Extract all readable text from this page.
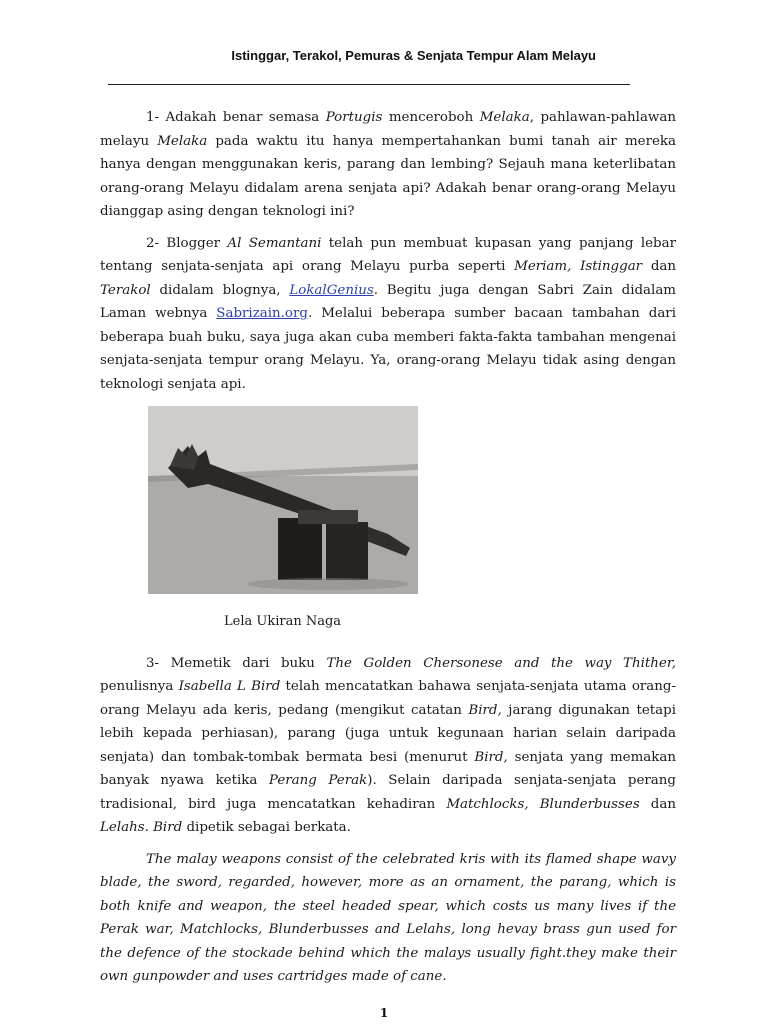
Istinggar, Terakol, Pemuras & Senjata Tempur Alam Melayu

1- Adakah benar semasa Portugis menceroboh Melaka, pahlawan-pahlawan melayu Melaka pada waktu itu hanya mempertahankan bumi tanah air mereka hanya dengan menggunakan keris, parang dan lembing? Sejauh mana keterlibatan orang-orang Melayu didalam arena senjata api? Adakah benar orang-orang Melayu dianggap asing dengan teknologi ini?

2- Blogger Al Semantani telah pun membuat kupasan yang panjang lebar tentang senjata-senjata api orang Melayu purba seperti Meriam, Istinggar dan Terakol didalam blognya, LokalGenius. Begitu juga dengan Sabri Zain didalam Laman webnya Sabrizain.org. Melalui beberapa sumber bacaan tambahan dari beberapa buah buku, saya juga akan cuba memberi fakta-fakta tambahan mengenai senjata-senjata tempur orang Melayu. Ya, orang-orang Melayu tidak asing dengan teknologi senjata api.

Lela Ukiran Naga

3- Memetik dari buku The Golden Chersonese and the way Thither, penulisnya Isabella L Bird telah mencatatkan bahawa senjata-senjata utama orang-orang Melayu ada keris, pedang (mengikut catatan Bird, jarang digunakan tetapi lebih kepada perhiasan), parang (juga untuk kegunaan harian selain daripada senjata) dan tombak-tombak bermata besi (menurut Bird, senjata yang memakan banyak nyawa ketika Perang Perak). Selain daripada senjata-senjata perang tradisional, bird juga mencatatkan kehadiran Matchlocks, Blunderbusses dan Lelahs. Bird dipetik sebagai berkata.

The malay weapons consist of the celebrated kris with its flamed shape wavy blade, the sword, regarded, however, more as an ornament, the parang, which is both knife and weapon, the steel headed spear, which costs us many lives if the Perak war, Matchlocks, Blunderbusses and Lelahs, long hevay brass gun used for the defence of the stockade behind which the malays usually fight.they make their own gunpowder and uses cartridges made of cane.

1
